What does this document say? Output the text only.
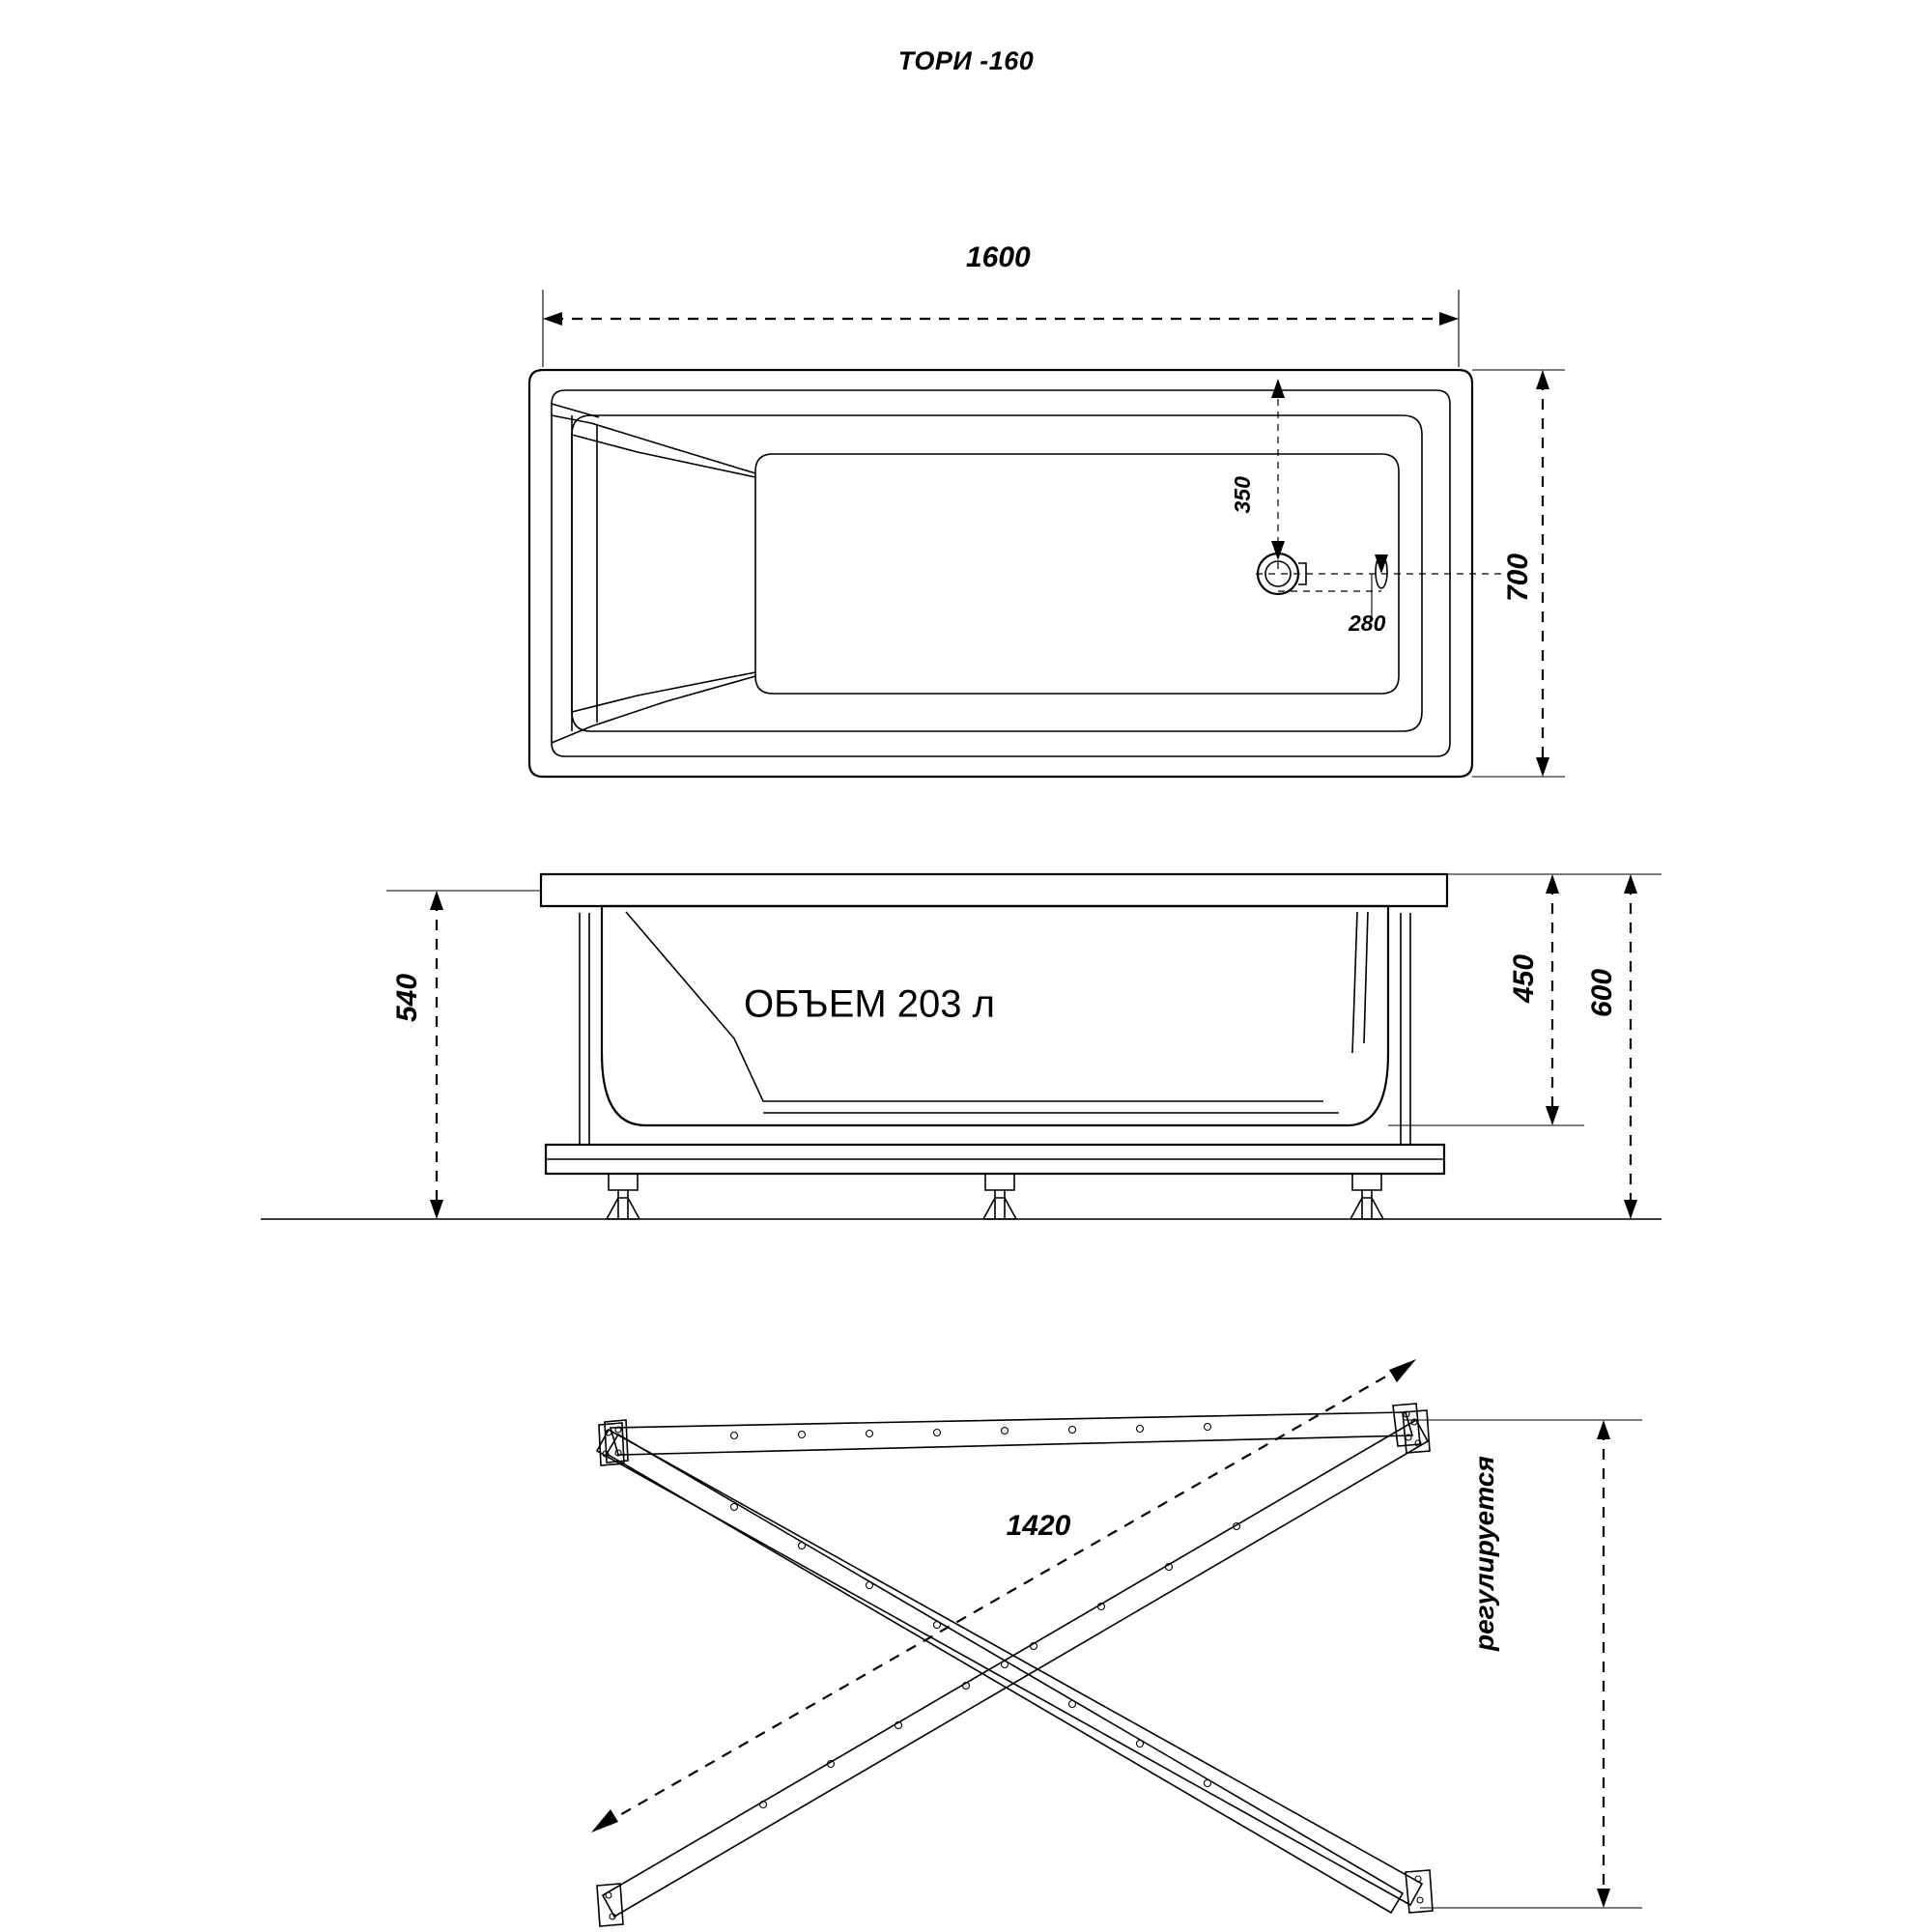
ТОРИ -160
1600
700
350
280
540	450 600
ОБЪЕМ 203 л
1420	регулируется
